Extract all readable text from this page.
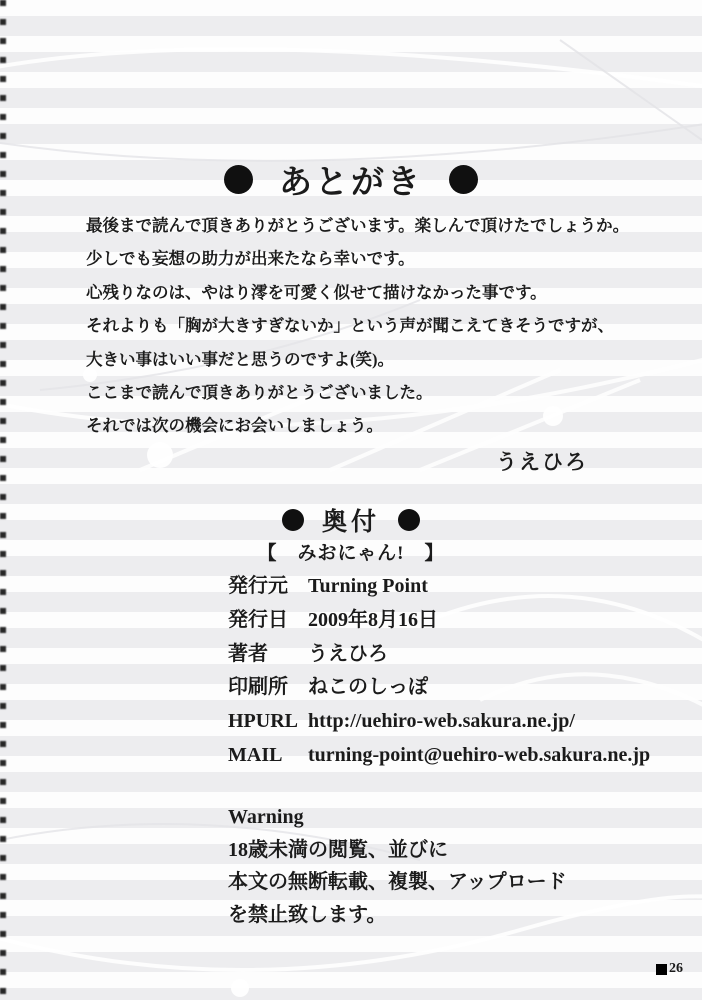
あとがき
最後まで読んで頂きありがとうございます。楽しんで頂けたでしょうか。
少しでも妄想の助力が出来たなら幸いです。
心残りなのは、やはり澪を可愛く似せて描けなかった事です。
それよりも「胸が大きすぎないか」という声が聞こえてきそうですが、
大きい事はいい事だと思うのですよ(笑)。
ここまで読んで頂きありがとうございました。
それでは次の機会にお会いしましょう。
うえひろ
奥付
【　みおにゃん!　】
発行元	Turning Point
発行日	2009年8月16日
著者	うえひろ
印刷所	ねこのしっぽ
HPURL http://uehiro-web.sakura.ne.jp/
MAIL	turning-point@uehiro-web.sakura.ne.jp
Warning
18歳未満の閲覧、並びに
本文の無断転載、複製、アップロード
を禁止致します。
26
